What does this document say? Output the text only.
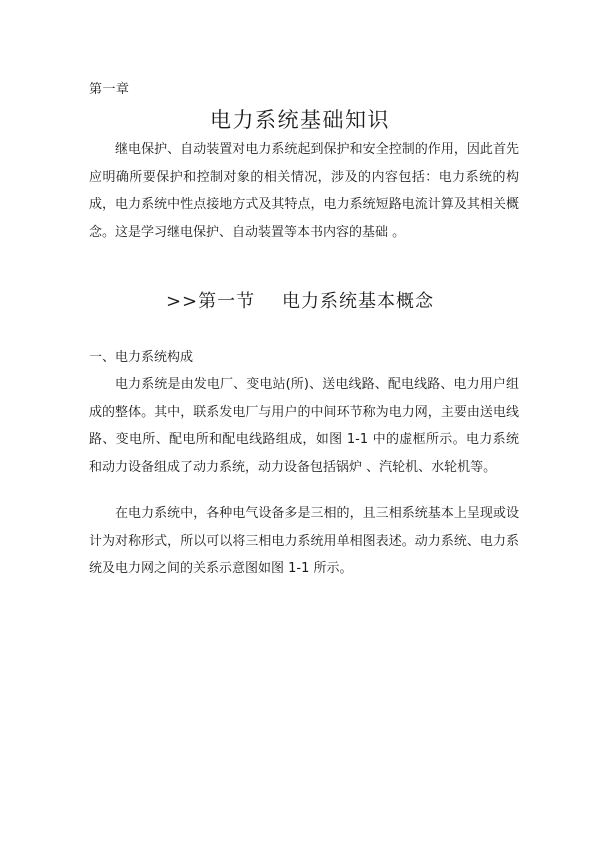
第一章
电力系统基础知识

继电保护、自动装置对电力系统起到保护和安全控制的作用，因此首先应明确所要保护和控制对象的相关情况，涉及的内容包括：电力系统的构成，电力系统中性点接地方式及其特点，电力系统短路电流计算及其相关概念。这是学习继电保护、自动装置等本书内容的基础 。

>>第一节    电力系统基本概念
一、电力系统构成

电力系统是由发电厂、变电站(所)、送电线路、配电线路、电力用户组成的整体。其中，联系发电厂与用户的中间环节称为电力网，主要由送电线路、变电所、配电所和配电线路组成，如图 1-1 中的虚框所示。电力系统和动力设备组成了动力系统，动力设备包括锅炉 、汽轮机、水轮机等。

在电力系统中，各种电气设备多是三相的，且三相系统基本上呈现或设计为对称形式，所以可以将三相电力系统用单相图表述。动力系统、电力系统及电力网之间的关系示意图如图 1-1 所示。
